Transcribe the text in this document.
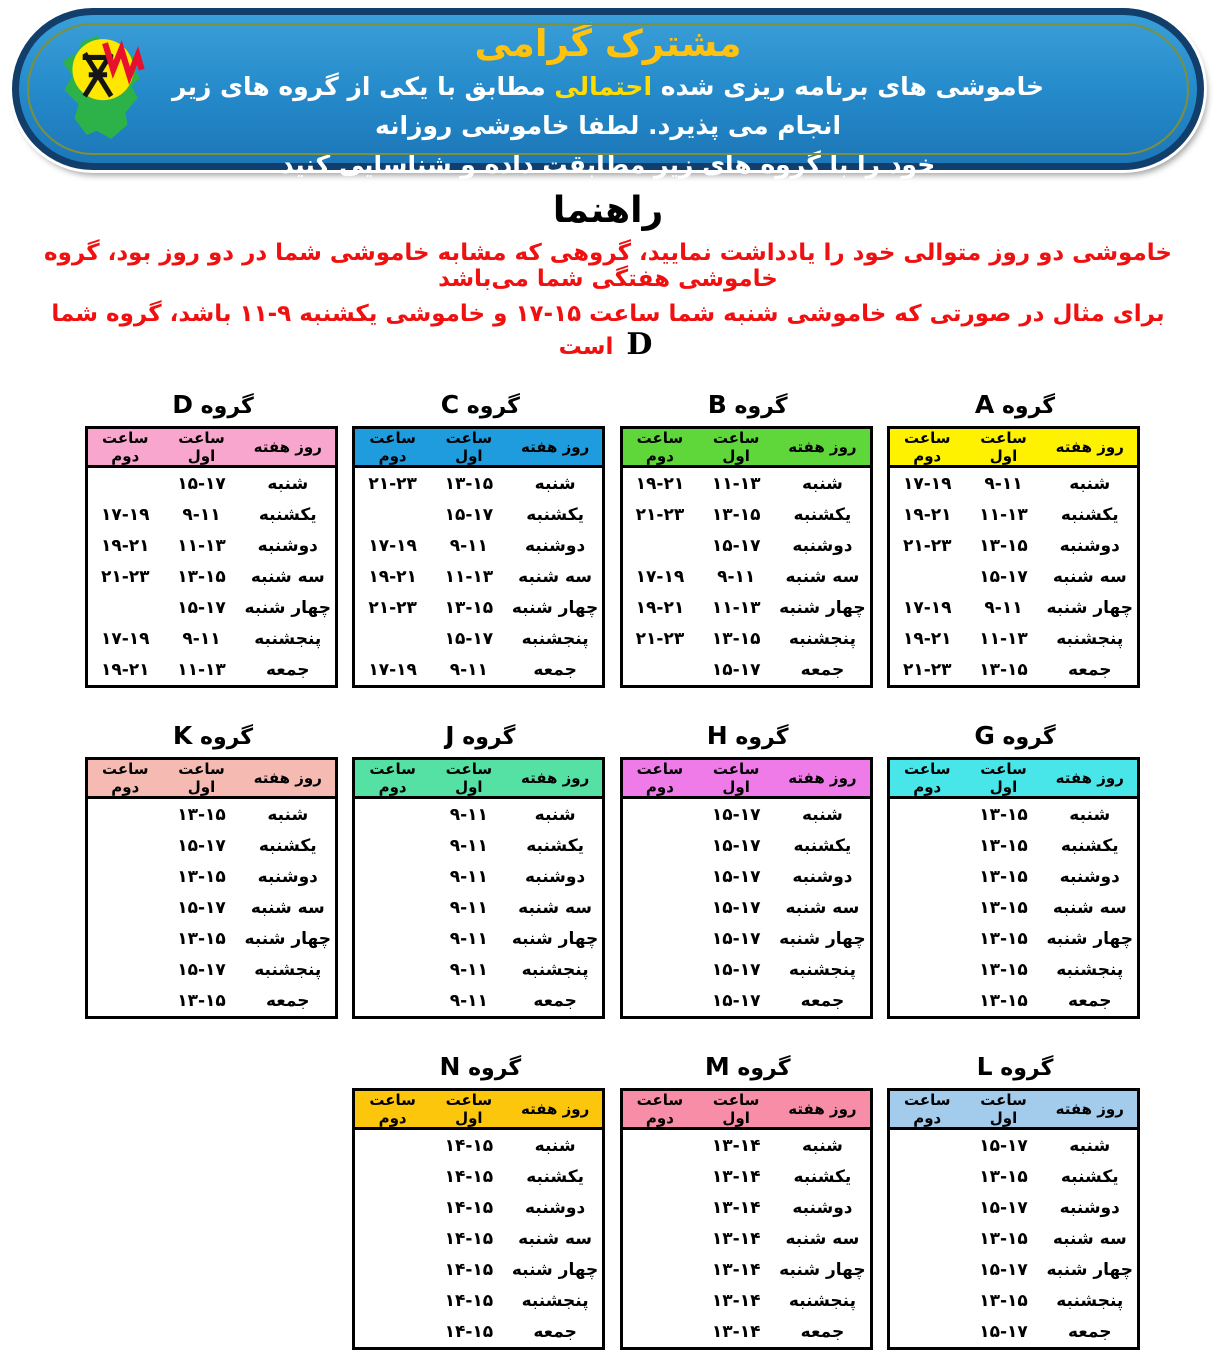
مشترک گرامی
خاموشی های برنامه ریزی شده احتمالی مطابق با یکی از گروه های زیر انجام می پذیرد. لطفا خاموشی روزانه
خود را با گروه های زیر مطابقت داده و شناسایی کنید
راهنما
خاموشی دو روز متوالی خود را یادداشت نمایید، گروهی که مشابه خاموشی شما در دو روز بود، گروه خاموشی هفتگی شما می‌باشد
برای مثال در صورتی که خاموشی شنبه شما ساعت ۱۷-۱۵ و خاموشی یکشنبه ۱۱-۹ باشد، گروه شما D است
گروه A
روز هفته	ساعت اول	ساعت دوم
شنبه	۹-۱۱	۱۷-۱۹
یکشنبه	۱۱-۱۳	۱۹-۲۱
دوشنبه	۱۳-۱۵	۲۱-۲۳
سه شنبه	۱۵-۱۷	
چهار شنبه	۹-۱۱	۱۷-۱۹
پنجشنبه	۱۱-۱۳	۱۹-۲۱
جمعه	۱۳-۱۵	۲۱-۲۳
گروه B
روز هفته	ساعت اول	ساعت دوم
شنبه	۱۱-۱۳	۱۹-۲۱
یکشنبه	۱۳-۱۵	۲۱-۲۳
دوشنبه	۱۵-۱۷	
سه شنبه	۹-۱۱	۱۷-۱۹
چهار شنبه	۱۱-۱۳	۱۹-۲۱
پنجشنبه	۱۳-۱۵	۲۱-۲۳
جمعه	۱۵-۱۷	
گروه C
روز هفته	ساعت اول	ساعت دوم
شنبه	۱۳-۱۵	۲۱-۲۳
یکشنبه	۱۵-۱۷	
دوشنبه	۹-۱۱	۱۷-۱۹
سه شنبه	۱۱-۱۳	۱۹-۲۱
چهار شنبه	۱۳-۱۵	۲۱-۲۳
پنجشنبه	۱۵-۱۷	
جمعه	۹-۱۱	۱۷-۱۹
گروه D
روز هفته	ساعت اول	ساعت دوم
شنبه	۱۵-۱۷	
یکشنبه	۹-۱۱	۱۷-۱۹
دوشنبه	۱۱-۱۳	۱۹-۲۱
سه شنبه	۱۳-۱۵	۲۱-۲۳
چهار شنبه	۱۵-۱۷	
پنجشنبه	۹-۱۱	۱۷-۱۹
جمعه	۱۱-۱۳	۱۹-۲۱
گروه G
روز هفته	ساعت اول	ساعت دوم
شنبه	۱۳-۱۵	
یکشنبه	۱۳-۱۵	
دوشنبه	۱۳-۱۵	
سه شنبه	۱۳-۱۵	
چهار شنبه	۱۳-۱۵	
پنجشنبه	۱۳-۱۵	
جمعه	۱۳-۱۵	
گروه H
روز هفته	ساعت اول	ساعت دوم
شنبه	۱۵-۱۷	
یکشنبه	۱۵-۱۷	
دوشنبه	۱۵-۱۷	
سه شنبه	۱۵-۱۷	
چهار شنبه	۱۵-۱۷	
پنجشنبه	۱۵-۱۷	
جمعه	۱۵-۱۷	
گروه J
روز هفته	ساعت اول	ساعت دوم
شنبه	۹-۱۱	
یکشنبه	۹-۱۱	
دوشنبه	۹-۱۱	
سه شنبه	۹-۱۱	
چهار شنبه	۹-۱۱	
پنجشنبه	۹-۱۱	
جمعه	۹-۱۱	
گروه K
روز هفته	ساعت اول	ساعت دوم
شنبه	۱۳-۱۵	
یکشنبه	۱۵-۱۷	
دوشنبه	۱۳-۱۵	
سه شنبه	۱۵-۱۷	
چهار شنبه	۱۳-۱۵	
پنجشنبه	۱۵-۱۷	
جمعه	۱۳-۱۵	
گروه L
روز هفته	ساعت اول	ساعت دوم
شنبه	۱۵-۱۷	
یکشنبه	۱۳-۱۵	
دوشنبه	۱۵-۱۷	
سه شنبه	۱۳-۱۵	
چهار شنبه	۱۵-۱۷	
پنجشنبه	۱۳-۱۵	
جمعه	۱۵-۱۷	
گروه M
روز هفته	ساعت اول	ساعت دوم
شنبه	۱۳-۱۴	
یکشنبه	۱۳-۱۴	
دوشنبه	۱۳-۱۴	
سه شنبه	۱۳-۱۴	
چهار شنبه	۱۳-۱۴	
پنجشنبه	۱۳-۱۴	
جمعه	۱۳-۱۴	
گروه N
روز هفته	ساعت اول	ساعت دوم
شنبه	۱۴-۱۵	
یکشنبه	۱۴-۱۵	
دوشنبه	۱۴-۱۵	
سه شنبه	۱۴-۱۵	
چهار شنبه	۱۴-۱۵	
پنجشنبه	۱۴-۱۵	
جمعه	۱۴-۱۵	
